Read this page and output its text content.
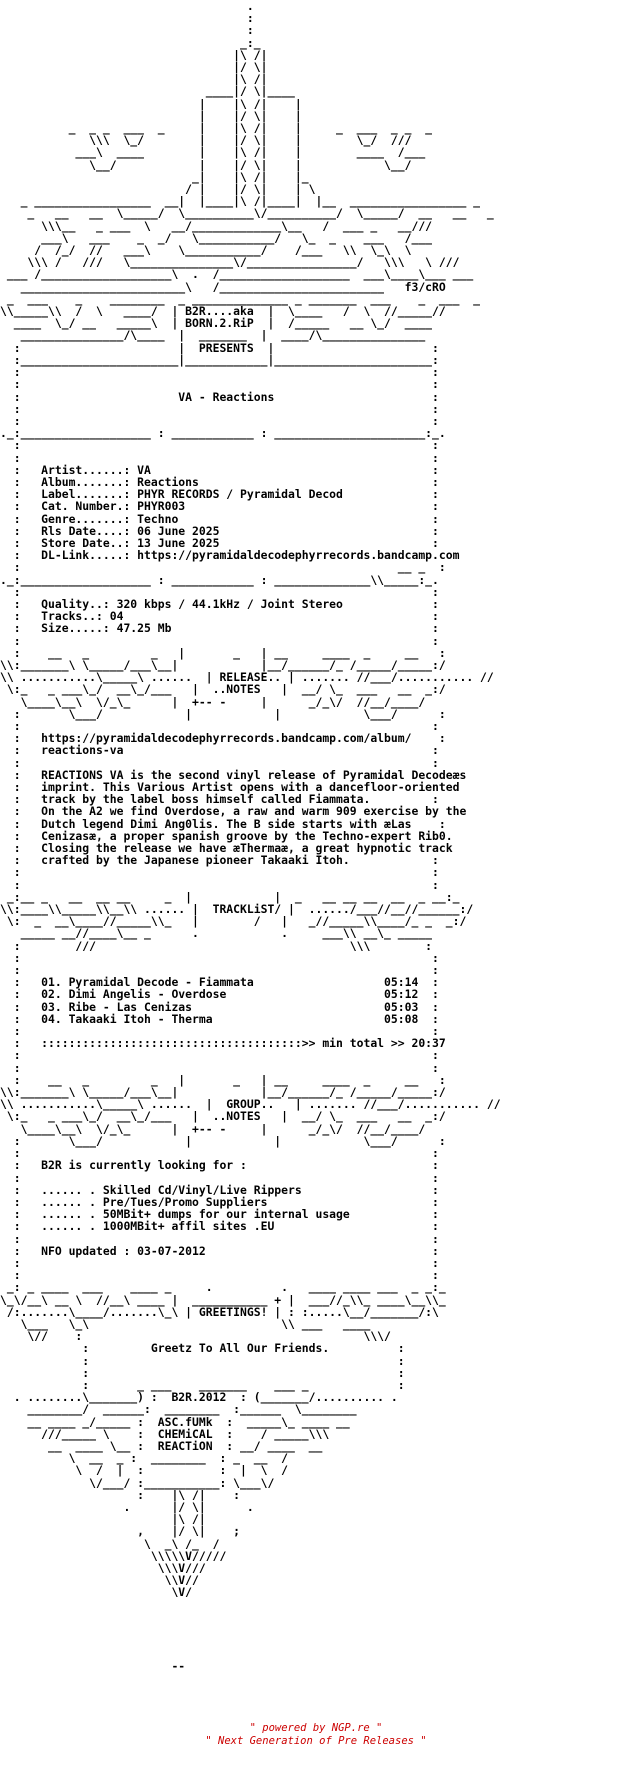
.
:
:
_:_
|\ /|
|/ \|
|\ /|
____|/ \|____
|    |\ /|    |
|    |/ \|    |
_  _ _  ___  _     |    |\ /|    |     _  ___  _ _  _
\\\  \_/        |    |/ \|    |        \_/  ///
___\  ____        |    |\ /|    |        ____  /___
\__/            |    |/ \|    |            \__/
_|    |\ /|    |_
/ |    |/ \|    | \
_ _________________  __|  |____|\ /|____|  |__  _________________ _
_   __   __  \_____/  \__________\/__________/  \_____/  __   __   _
\\\__   _ ___  \   __/_____________\__   /  ___ _   __///
___\   ___    _  _/   \___________/   \_  _    ___   /___
/  /_/  //   ___\    \___________/    /___   \\  \_\  \
\\\ /   ///   \_______________\/________________/   \\\   \ ///
___ /___________________\  .  /___________________  ___\____\___ ___
________________________\   /________________________   f3/cRO
_  ___    _    ________  _ ______________ _ _______  ___    _  ___  _
\\_____\\  /  \   ____/  | B2R....aka  |  \____   /  \  //_____//
____  \_/ __   _____\  | BORN.2.RiP  |  /_____   __ \_/  ____
_______________/\____  |  _______  |  ____/\_______________
:                       |  PRESENTS  |                       :
:_______________________|____________|_______________________:
:                                                            :
:                                                            :
:                       VA - Reactions                       :
:                                                            :
:                                                            :
._:___________________ : ____________ : ______________________:_.
:                                                            :
:                                                            :
:   Artist......: VA                                         :
:   Album.......: Reactions                                  :
:   Label.......: PHYR RECORDS / Pyramidal Decod             :
:   Cat. Number.: PHYR003                                    :
:   Genre.......: Techno                                     :
:   Rls Date....: 06 June 2025                               :
:   Store Date..: 13 June 2025                               :
:   DL-Link.....: https://pyramidaldecodephyrrecords.bandcamp.com
:                                                       __ _  :
._:___________________ : ____________ : ______________\\_____:_.
:                                                            :
:   Quality..: 320 kbps / 44.1kHz / Joint Stereo             :
:   Tracks..: 04                                             :
:   Size.....: 47.25 Mb                                      :
:                                                            :
:    __   _         _   |       _   | __     ____  _     __   :
\\:_______\ \_____/___\__|            |__/______/_ /_____/_____:/
\\ ...........\_____\ ......  | RELEASE.. | ....... //___/........... //
\:_   _ ___\_/  __\_/___   |  ..NOTES   |  __/ \_  ___   __  _:/
\____\__\  \/_\_      |  +-- -     |      _/_\/  //__/____/
:       \___/            |            |            \___/      :
:                                                            :
:   https://pyramidaldecodephyrrecords.bandcamp.com/album/    :
:   reactions-va                                             :
:                                                            :
:   REACTIONS VA is the second vinyl release of Pyramidal Decodeæs
:   imprint. This Various Artist opens with a dancefloor-oriented
:   track by the label boss himself called Fiammata.         :
:   On the A2 we find Overdose, a raw and warm 909 exercise by the
:   Dutch legend Dimi Ang0lis. The B side starts with æLas    :
:   Cenizasæ, a proper spanish groove by the Techno-expert Rib0.
:   Closing the release we have æThermaæ, a great hypnotic track
:   crafted by the Japanese pioneer Takaaki Itoh.            :
:                                                            :
:                                                            :
_:__ _   __  __ __     _  |            |  _   __ __ __  __  _ __:_
\\:____\\_____\\__\\ ...... |  TRACKLiST/ |  ....../___//__//______:/
\:  _  __\____//_____\\_   |        /   |   _//_____\\____/_ _  _:/
_____ __//____\__ _      .            .     ___\\ __\_ _____
:        ///                                     \\\        :
:                                                            :
:                                                            :
:   01. Pyramidal Decode - Fiammata                   05:14  :
:   02. Dimi Angelis - Overdose                       05:12  :
:   03. Ribe - Las Cenizas                            05:03  :
:   04. Takaaki Itoh - Therma                         05:08  :
:                                                            :
:   ::::::::::::::::::::::::::::::::::::::>> min total >> 20:37
:                                                            :
:                                                            :
:    __   _         _   |       _   | __     ____  _     __   :
\\:_______\ \_____/___\__|            |__/______/_ /_____/_____:/
\\ ...........\_____\ ......  |  GROUP..   | ....... //___/........... //
\:_   _ ___\_/  __\_/___   |  ..NOTES   |  __/ \_  ___   __  _:/
\____\__\  \/_\_      |  +-- -     |      _/_\/  //__/____/
:       \___/            |            |            \___/      :
:                                                            :
:   B2R is currently looking for :                           :
:                                                            :
:   ...... . Skilled Cd/Vinyl/Live Rippers                   :
:   ...... . Pre/Tues/Promo Suppliers                        :
:   ...... . 50MBit+ dumps for our internal usage            :
:   ...... . 1000MBit+ affil sites .EU                       :
:                                                            :
:   NFO updated : 03-07-2012                                 :
:                                                            :
:                                                            :
_: _ ____  ___    ____ _     .          .   ____ ____ ___  _ _:_
\_\/__\ __ \  //__\ ____ |  ___________ + |  ___//_\\_ ____\__\\_
/:.......\____/.......\_\ | GREETINGS! | : :.....\__/_______/:\
\___   \_\                            \\ ___   ____
\//    :                                         \\\/
:         Greetz To All Our Friends.          :
:                                             :
:                                             :
:       _ ___    _______    ___ _             :
. ........\_______) :  B2R.2012  : (_______/.......... .
________/  ______:  ________  :______  \________
__ ____ _/_____ :  ASC.fUMk  :  _____\_ ____ __
///_____ \    :  CHEMiCAL  :    / _____\\\
__  ____ \__ :  REACTiON  : __/ ____  __
\  __  _ :  ________  : _  __  /
\  /  |  :           :  |  \  /
\/___/ :___________: \___\/
:    |\ /|    :
.      |/ \|      .
|\ /|
,    |/ \|    ;
\  _\ /_  /
\\\\\V/////
\\\V///
\\V//
\V/

--

" powered by NGP.re "
" Next Generation of Pre Releases "
